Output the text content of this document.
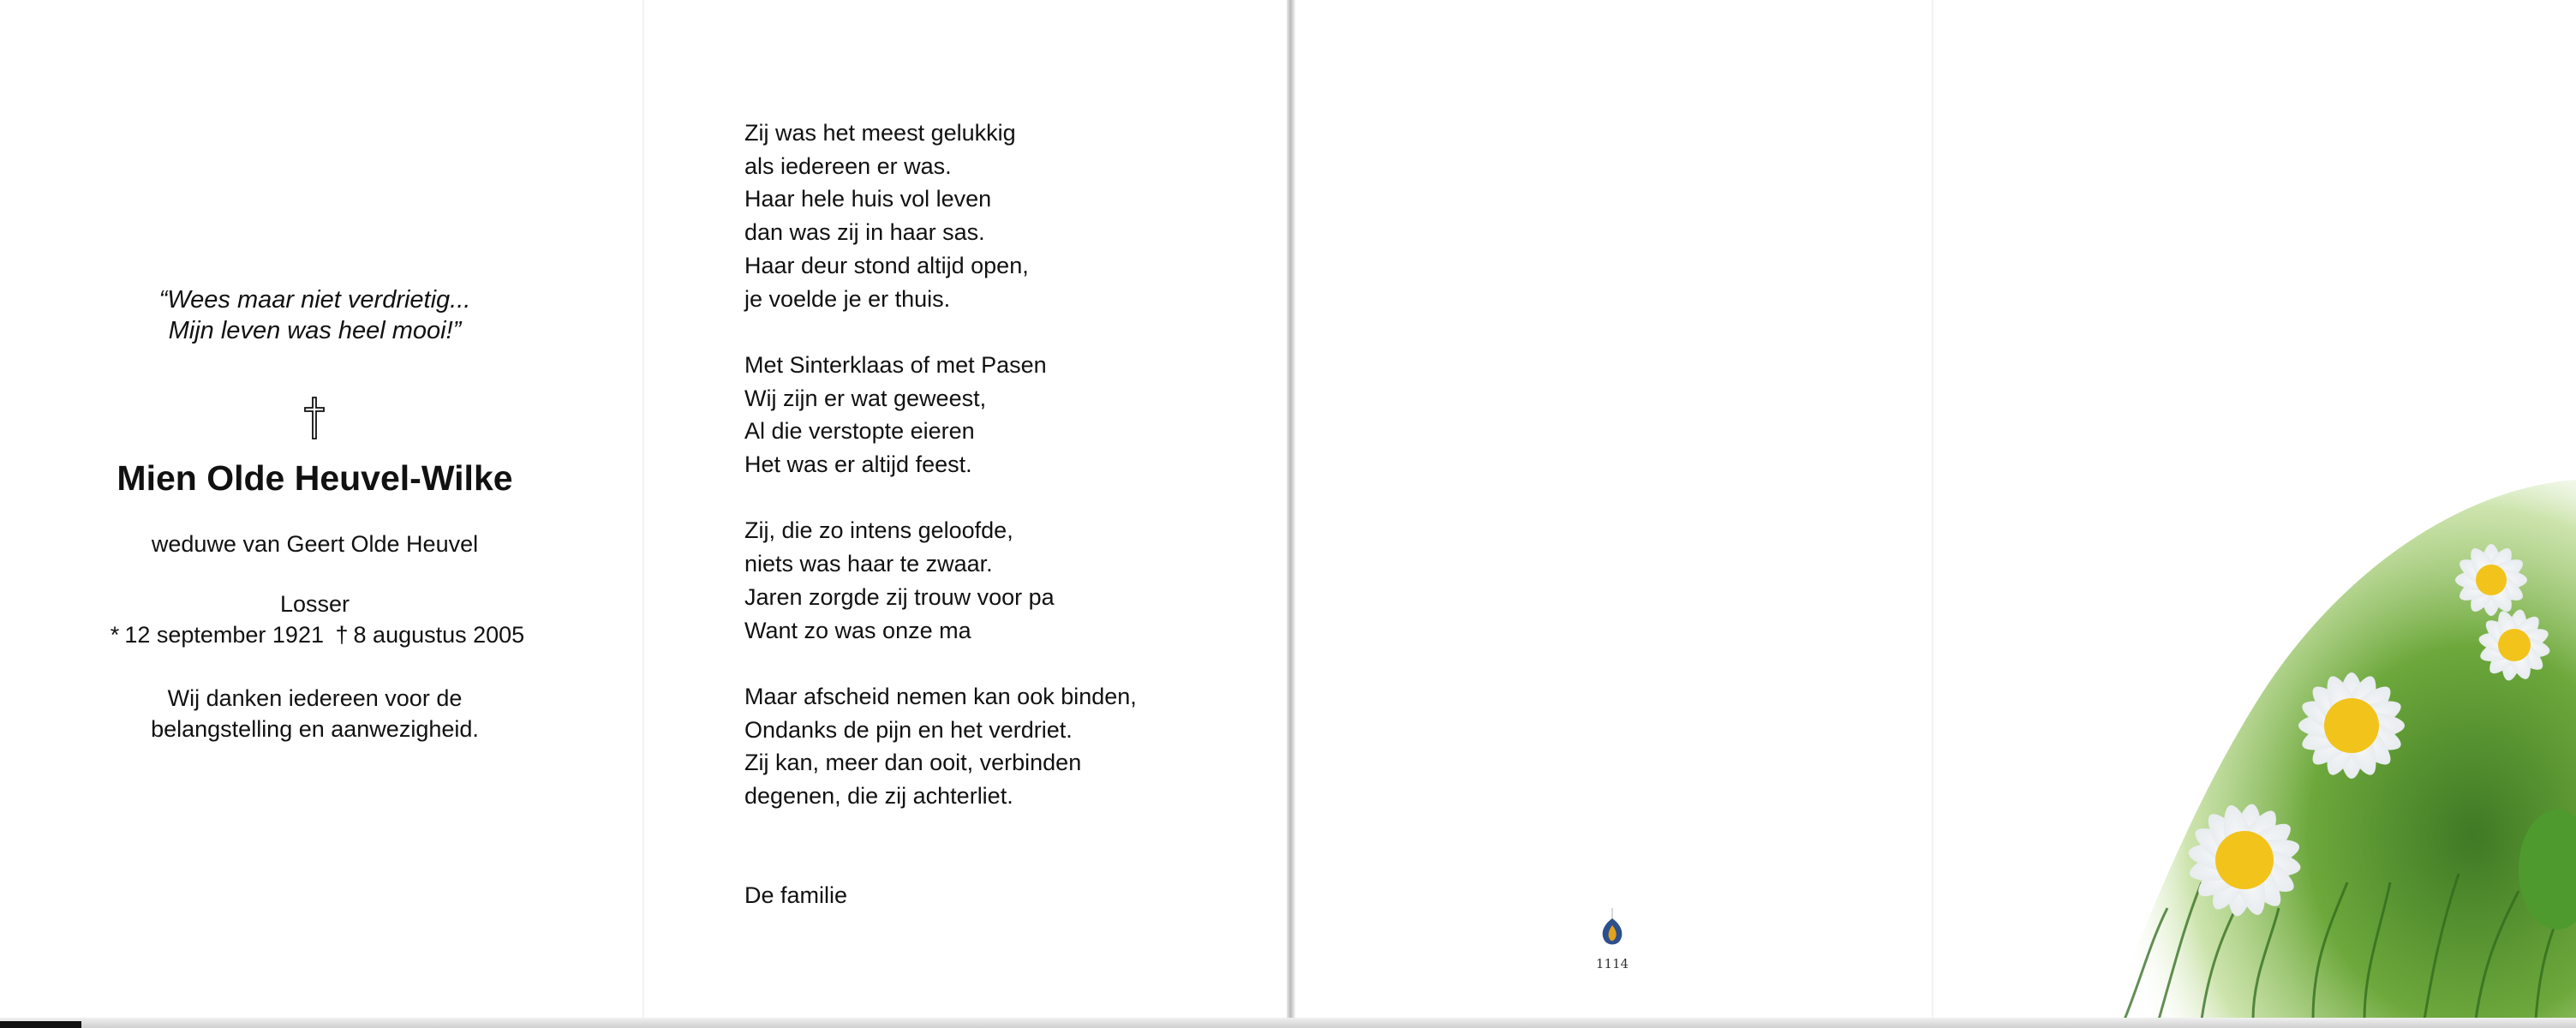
“Wees maar niet verdrietig...
Mijn leven was heel mooi!”
Mien Olde Heuvel-Wilke
weduwe van Geert Olde Heuvel
Losser
* 12 september 1921 † 8 augustus 2005
Wij danken iedereen voor de
belangstelling en aanwezigheid.
Zij was het meest gelukkig
als iedereen er was.
Haar hele huis vol leven
dan was zij in haar sas.
Haar deur stond altijd open,
je voelde je er thuis.
Met Sinterklaas of met Pasen
Wij zijn er wat geweest,
Al die verstopte eieren
Het was er altijd feest.
Zij, die zo intens geloofde,
niets was haar te zwaar.
Jaren zorgde zij trouw voor pa
Want zo was onze ma
Maar afscheid nemen kan ook binden,
Ondanks de pijn en het verdriet.
Zij kan, meer dan ooit, verbinden
degenen, die zij achterliet.
De familie
1114
